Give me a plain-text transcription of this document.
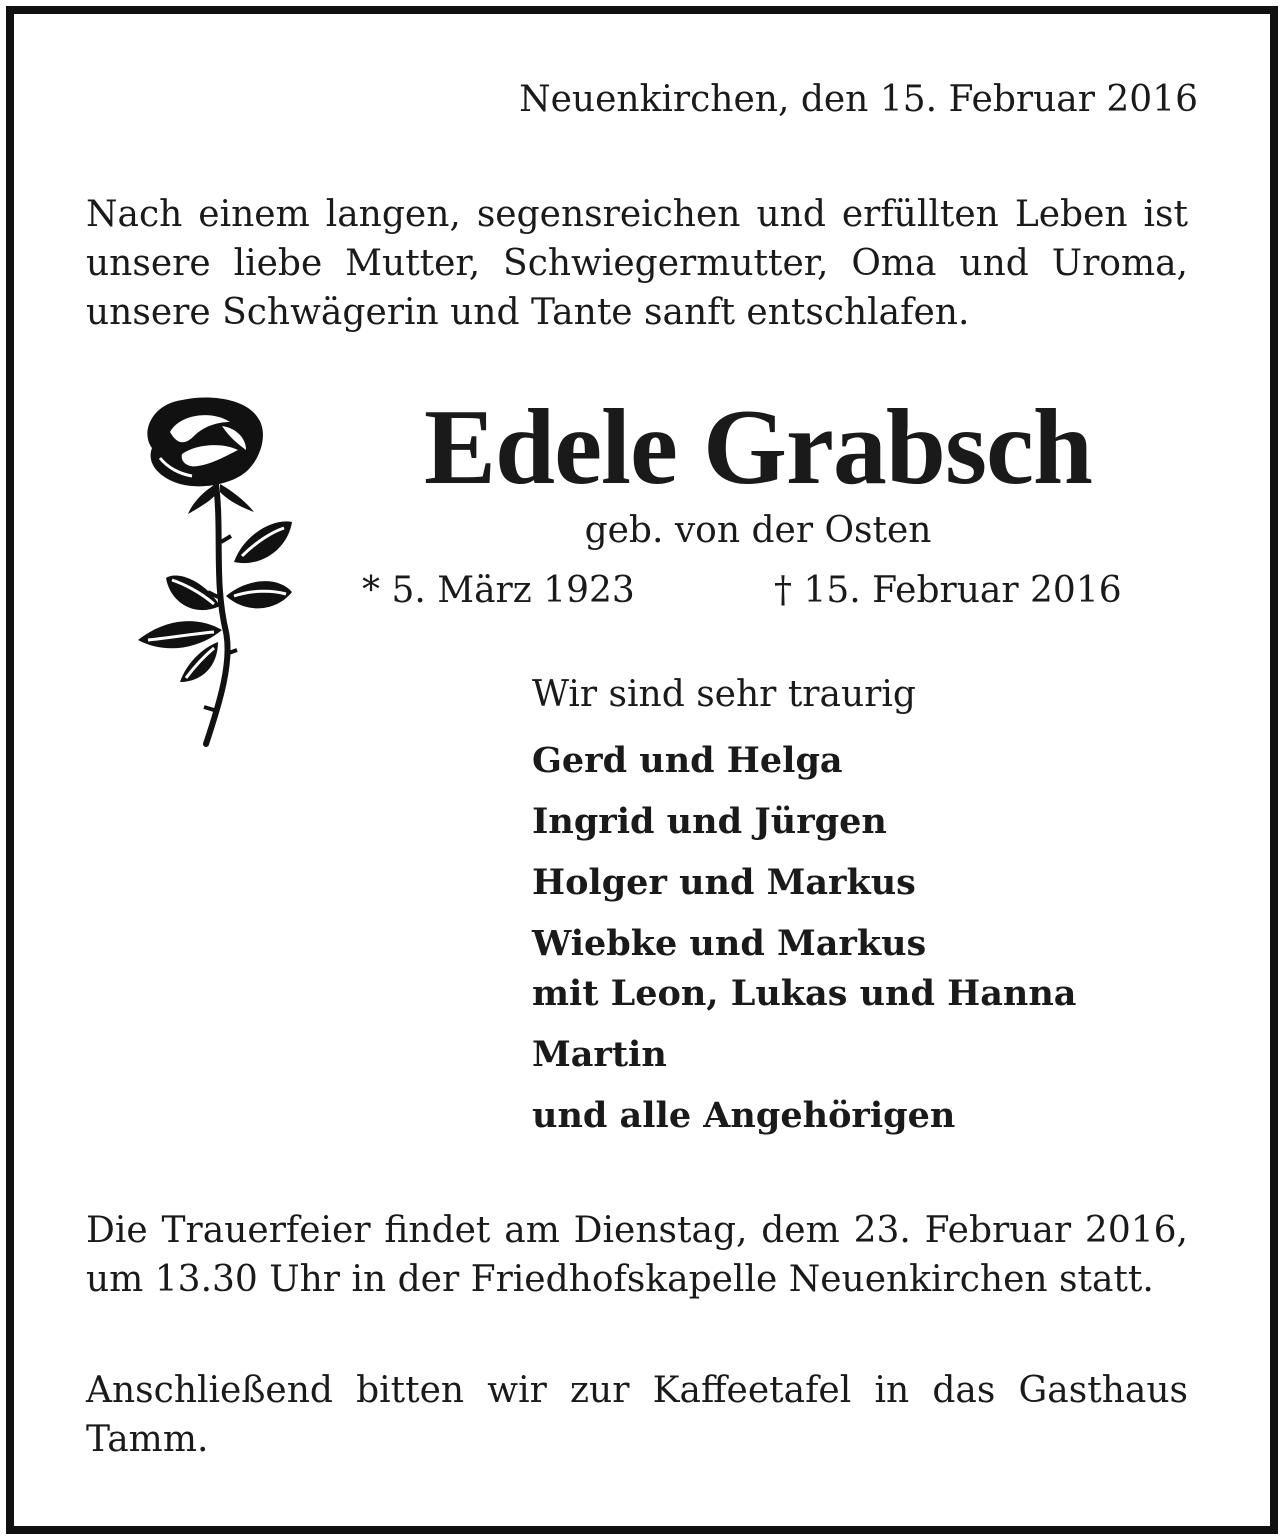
Neuenkirchen, den 15. Februar 2016
Nach einem langen, segensreichen und erfüllten Leben ist unsere liebe Mutter, Schwiegermutter, Oma und Uroma, unsere Schwägerin und Tante sanft entschlafen.
Edele Grabsch
geb. von der Osten
* 5. März 1923	† 15. Februar 2016
Wir sind sehr traurig
Gerd und Helga
Ingrid und Jürgen
Holger und Markus
Wiebke und Markus
mit Leon, Lukas und Hanna
Martin
und alle Angehörigen
Die Trauerfeier findet am Dienstag, dem 23. Februar 2016, um 13.30 Uhr in der Friedhofskapelle Neuenkirchen statt.
Anschließend bitten wir zur Kaffeetafel in das Gasthaus Tamm.
